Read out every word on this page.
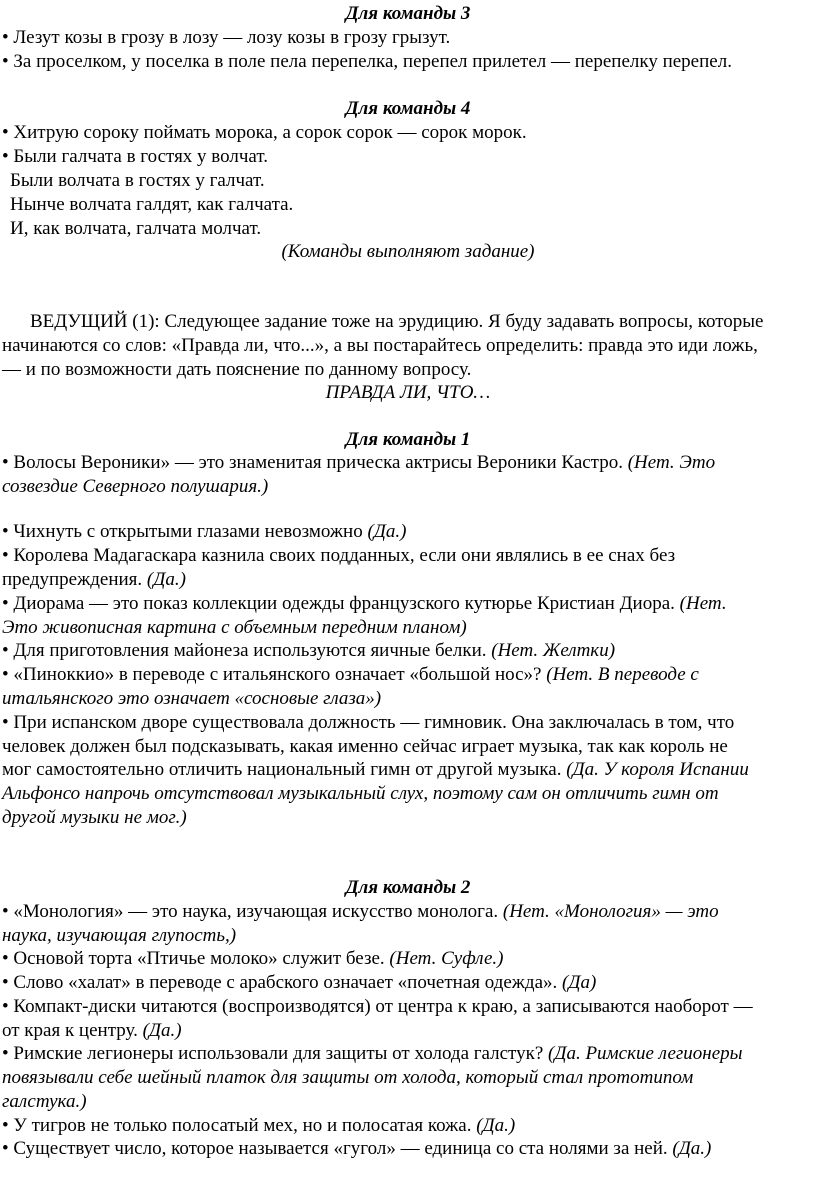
Для команды 3
• Лезут козы в грозу в лозу — лозу козы в грозу грызут.
• За проселком, у поселка в поле пела перепелка, перепел прилетел — перепелку перепел.
Для команды 4
• Хитрую сороку поймать морока, а сорок сорок — сорок морок.
• Были галчата в гостях у волчат.
Были волчата в гостях у галчат.
Нынче волчата галдят, как галчата.
И, как волчата, галчата молчат.
(Команды выполняют задание)
ВЕДУЩИЙ (1): Следующее задание тоже на эрудицию. Я буду задавать вопросы, которые
начинаются со слов: «Правда ли, что...», а вы постарайтесь определить: правда это иди ложь,
— и по возможности дать пояснение по данному вопросу.
ПРАВДА ЛИ, ЧТО…
Для команды 1
• Волосы Вероники» — это знаменитая прическа актрисы Вероники Кастро. (Нет. Это
созвездие Северного полушария.)
• Чихнуть с открытыми глазами невозможно (Да.)
• Королева Мадагаскара казнила своих подданных, если они являлись в ее снах без
предупреждения. (Да.)
• Диорама — это показ коллекции одежды французского кутюрье Кристиан Диора. (Нет.
Это живописная картина с объемным передним планом)
• Для приготовления майонеза используются яичные белки. (Нет. Желтки)
• «Пиноккио» в переводе с итальянского означает «большой нос»? (Нет. В переводе с
итальянского это означает «сосновые глаза»)
• При испанском дворе существовала должность — гимновик. Она заключалась в том, что
человек должен был подсказывать, какая именно сейчас играет музыка, так как король не
мог самостоятельно отличить национальный гимн от другой музыка. (Да. У короля Испании
Альфонсо напрочь отсутствовал музыкальный слух, поэтому сам он отличить гимн от
другой музыки не мог.)
Для команды 2
• «Монология» — это наука, изучающая искусство монолога. (Нет. «Монология» — это
наука, изучающая глупость,)
• Основой торта «Птичье молоко» служит безе. (Нет. Суфле.)
• Слово «халат» в переводе с арабского означает «почетная одежда». (Да)
• Компакт-диски читаются (воспроизводятся) от центра к краю, а записываются наоборот —
от края к центру. (Да.)
• Римские легионеры использовали для защиты от холода галстук? (Да. Римские легионеры
повязывали себе шейный платок для защиты от холода, который стал прототипом
галстука.)
• У тигров не только полосатый мех, но и полосатая кожа. (Да.)
• Существует число, которое называется «гугол» — единица со ста нолями за ней. (Да.)
